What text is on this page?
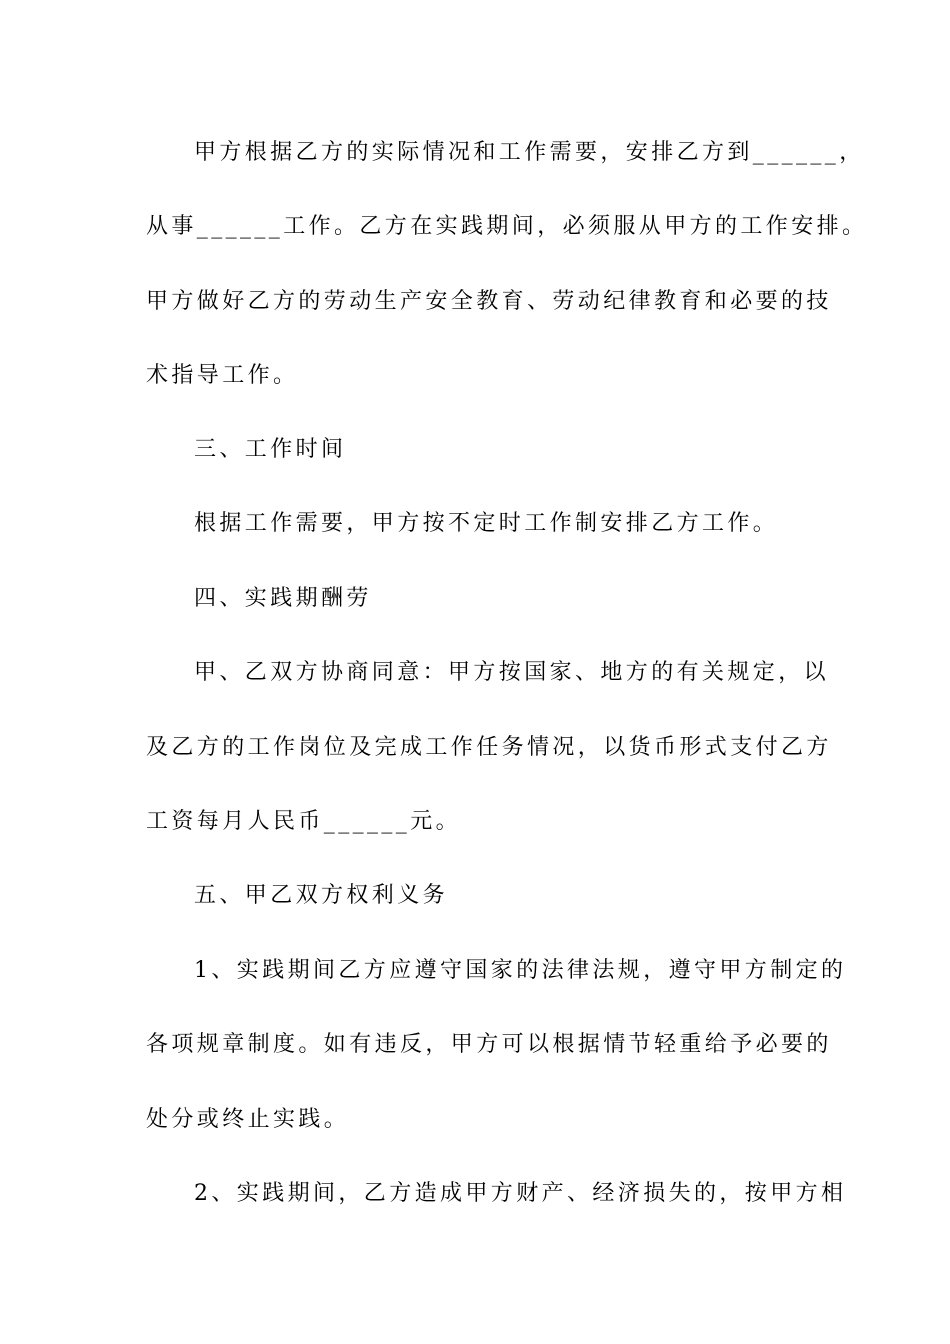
甲方根据乙方的实际情况和工作需要，安排乙方到______，
从事______工作。乙方在实践期间，必须服从甲方的工作安排。
甲方做好乙方的劳动生产安全教育、劳动纪律教育和必要的技
术指导工作。
三、工作时间
根据工作需要，甲方按不定时工作制安排乙方工作。
四、实践期酬劳
甲、乙双方协商同意：甲方按国家、地方的有关规定，以
及乙方的工作岗位及完成工作任务情况，以货币形式支付乙方
工资每月人民币______元。
五、甲乙双方权利义务
1、实践期间乙方应遵守国家的法律法规，遵守甲方制定的
各项规章制度。如有违反，甲方可以根据情节轻重给予必要的
处分或终止实践。
2、实践期间，乙方造成甲方财产、经济损失的，按甲方相
